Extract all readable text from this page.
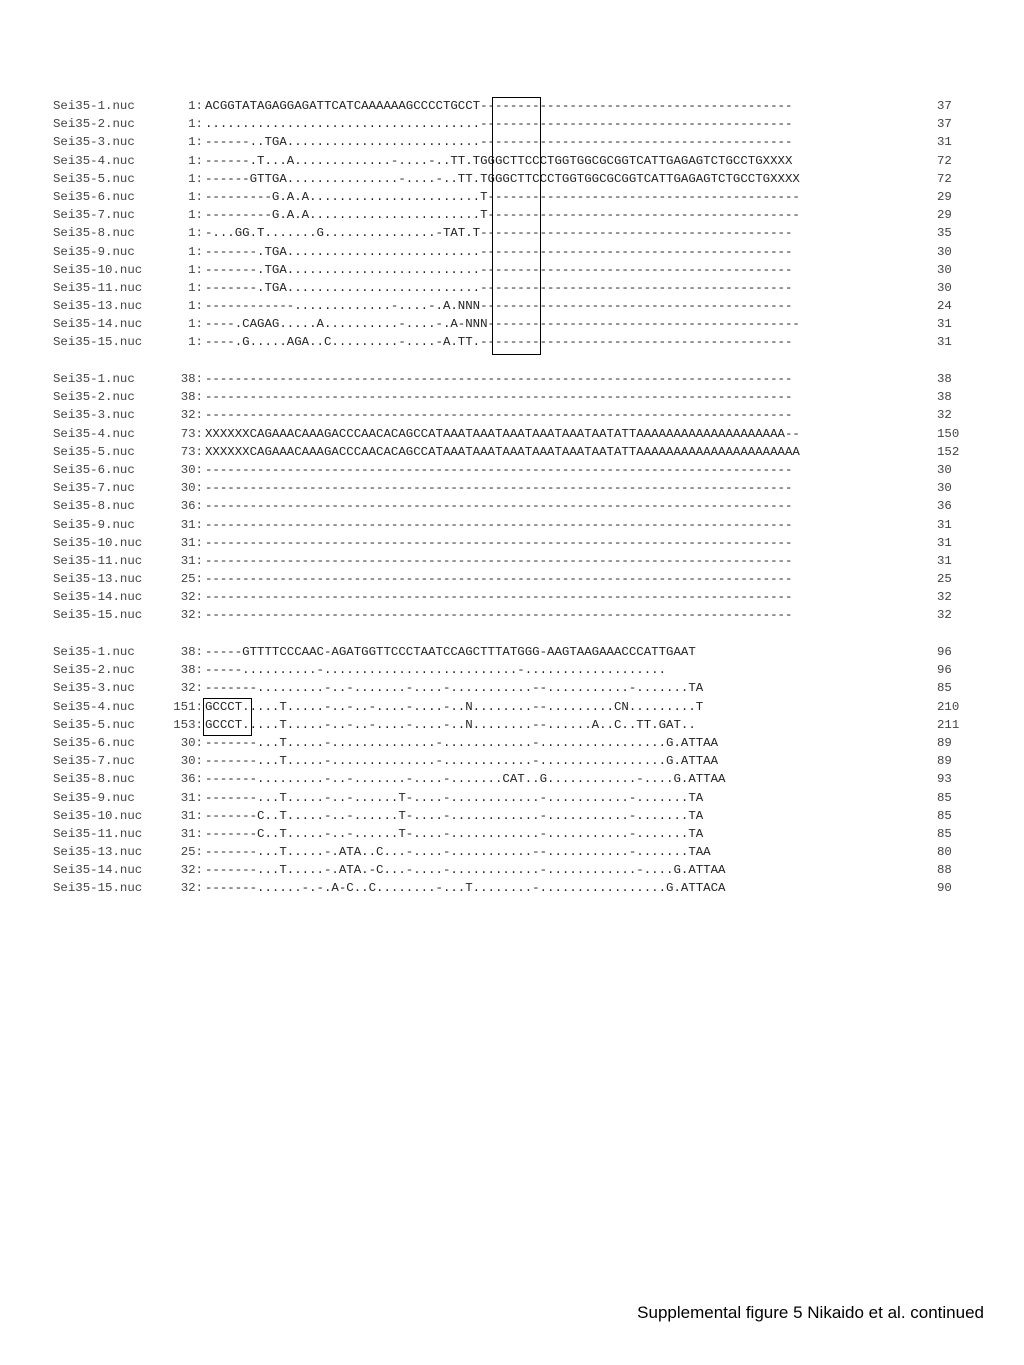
Sei35-1.nuc	1: ACGGTATAGAGGAGATTCATCAAAAAAGCCCCTGCCT------------------------------------------	37
Sei35-2.nuc	1: .....................................------------------------------------------	37
Sei35-3.nuc	1: ------..TGA..........................------------------------------------------	31
Sei35-4.nuc	1: ------.T...A.............-....-..TT.TGGGCTTCCCTGGTGGCGCGGTCATTGAGAGTCTGCCTGXXXX	72
Sei35-5.nuc	1: ------GTTGA...............-....-..TT.TGGGCTTCCCTGGTGGCGCGGTCATTGAGAGTCTGCCTGXXXX	72
Sei35-6.nuc	1: ---------G.A.A.......................T------------------------------------------	29
Sei35-7.nuc	1: ---------G.A.A.......................T------------------------------------------	29
Sei35-8.nuc	1: -...GG.T.......G...............-TAT.T------------------------------------------	35
Sei35-9.nuc	1: -------.TGA..........................------------------------------------------	30
Sei35-10.nuc	1: -------.TGA..........................------------------------------------------	30
Sei35-11.nuc	1: -------.TGA..........................------------------------------------------	30
Sei35-13.nuc	1: ------------.............-....-.A.NNN------------------------------------------	24
Sei35-14.nuc	1: ----.CAGAG.....A..........-....-.A-NNN------------------------------------------	31
Sei35-15.nuc	1: ----.G.....AGA..C.........-....-A.TT.------------------------------------------	31
Sei35-1.nuc	38: -------------------------------------------------------------------------------	38
Sei35-2.nuc	38: -------------------------------------------------------------------------------	38
Sei35-3.nuc	32: -------------------------------------------------------------------------------	32
Sei35-4.nuc	73: XXXXXXCAGAAACAAAGACCCAACACAGCCATAAATAAATAAATAAATAAATAATATTAAAAAAAAAAAAAAAAAAAA--	150
Sei35-5.nuc	73: XXXXXXCAGAAACAAAGACCCAACACAGCCATAAATAAATAAATAAATAAATAATATTAAAAAAAAAAAAAAAAAAAAAA	152
Sei35-6.nuc	30: -------------------------------------------------------------------------------	30
Sei35-7.nuc	30: -------------------------------------------------------------------------------	30
Sei35-8.nuc	36: -------------------------------------------------------------------------------	36
Sei35-9.nuc	31: -------------------------------------------------------------------------------	31
Sei35-10.nuc	31: -------------------------------------------------------------------------------	31
Sei35-11.nuc	31: -------------------------------------------------------------------------------	31
Sei35-13.nuc	25: -------------------------------------------------------------------------------	25
Sei35-14.nuc	32: -------------------------------------------------------------------------------	32
Sei35-15.nuc	32: -------------------------------------------------------------------------------	32
Sei35-1.nuc	38: -----GTTTTCCCAAC-AGATGGTTCCCTAATCCAGCTTTATGGG-AAGTAAGAAACCCATTGAAT	96
Sei35-2.nuc	38: -----..........-..........................-...................	96
Sei35-3.nuc	32: -------.........-..-.......-....-...........--...........-.......TA	85
Sei35-4.nuc	151: GCCCT.....T.....-..-..-....-....-..N........--.........CN.........T	210
Sei35-5.nuc	153: GCCCT.....T.....-..-..-....-....-..N........--......A..C..TT.GAT..	211
Sei35-6.nuc	30: -------...T.....-..............-............-.................G.ATTAA	89
Sei35-7.nuc	30: -------...T.....-..............-............-.................G.ATTAA	89
Sei35-8.nuc	36: -------.........-..-.......-....-.......CAT..G............-....G.ATTAA	93
Sei35-9.nuc	31: -------...T.....-..-......T-....-............-...........-.......TA	85
Sei35-10.nuc	31: -------C..T.....-..-......T-....-............-...........-.......TA	85
Sei35-11.nuc	31: -------C..T.....-..-......T-....-............-...........-.......TA	85
Sei35-13.nuc	25: -------...T.....-.ATA..C...-....-...........--...........-.......TAA	80
Sei35-14.nuc	32: -------...T.....-.ATA.-C...-....-............-............-....G.ATTAA	88
Sei35-15.nuc	32: -------......-.-.A-C..C........-...T........-.................G.ATTACA	90
Supplemental figure 5 Nikaido et al. continued
